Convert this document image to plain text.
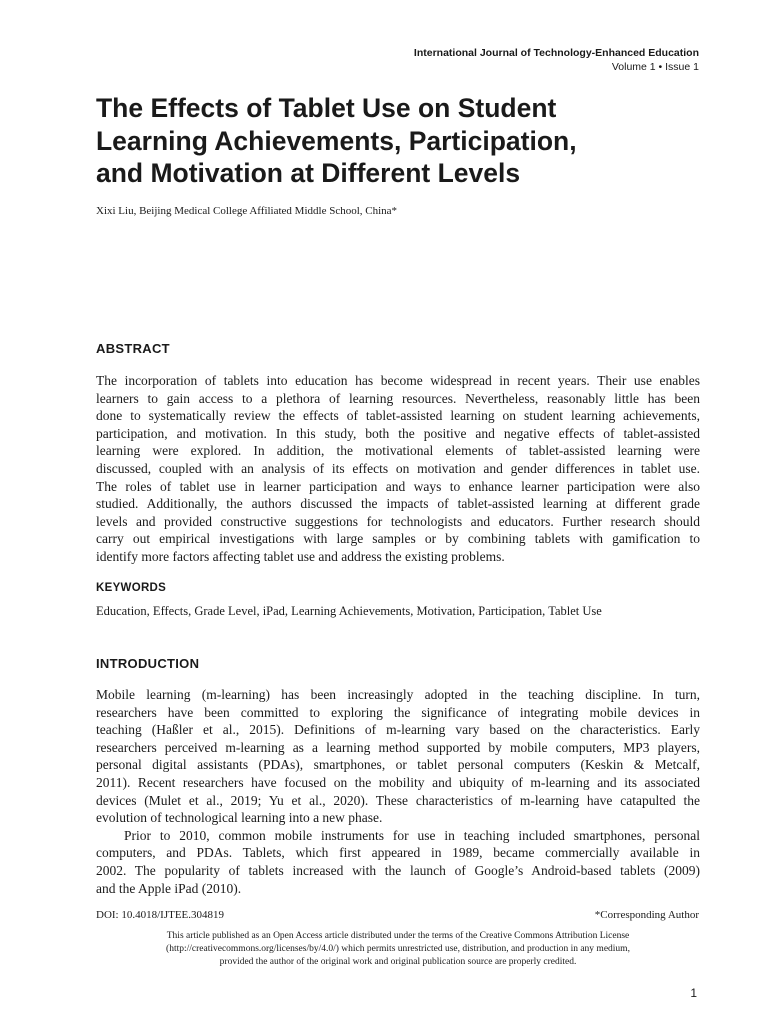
International Journal of Technology-Enhanced Education
Volume 1 • Issue 1
The Effects of Tablet Use on Student
Learning Achievements, Participation,
and Motivation at Different Levels
Xixi Liu, Beijing Medical College Affiliated Middle School, China*
ABSTRACT
The incorporation of tablets into education has become widespread in recent years. Their use enables
learners to gain access to a plethora of learning resources. Nevertheless, reasonably little has been
done to systematically review the effects of tablet-assisted learning on student learning achievements,
participation, and motivation. In this study, both the positive and negative effects of tablet-assisted
learning were explored. In addition, the motivational elements of tablet-assisted learning were
discussed, coupled with an analysis of its effects on motivation and gender differences in tablet use.
The roles of tablet use in learner participation and ways to enhance learner participation were also
studied. Additionally, the authors discussed the impacts of tablet-assisted learning at different grade
levels and provided constructive suggestions for technologists and educators. Further research should
carry out empirical investigations with large samples or by combining tablets with gamification to
identify more factors affecting tablet use and address the existing problems.
KEYWORDS
Education, Effects, Grade Level, iPad, Learning Achievements, Motivation, Participation, Tablet Use
INTRODUCTION
Mobile learning (m-learning) has been increasingly adopted in the teaching discipline. In turn,
researchers have been committed to exploring the significance of integrating mobile devices in
teaching (Haßler et al., 2015). Definitions of m-learning vary based on the characteristics. Early
researchers perceived m-learning as a learning method supported by mobile computers, MP3 players,
personal digital assistants (PDAs), smartphones, or tablet personal computers (Keskin & Metcalf,
2011). Recent researchers have focused on the mobility and ubiquity of m-learning and its associated
devices (Mulet et al., 2019; Yu et al., 2020). These characteristics of m-learning have catapulted the
evolution of technological learning into a new phase.
Prior to 2010, common mobile instruments for use in teaching included smartphones, personal
computers, and PDAs. Tablets, which first appeared in 1989, became commercially available in
2002. The popularity of tablets increased with the launch of Google’s Android-based tablets (2009)
and the Apple iPad (2010).
DOI: 10.4018/IJTEE.304819	*Corresponding Author
This article published as an Open Access article distributed under the terms of the Creative Commons Attribution License
(http://creativecommons.org/licenses/by/4.0/) which permits unrestricted use, distribution, and production in any medium,
provided the author of the original work and original publication source are properly credited.
1
